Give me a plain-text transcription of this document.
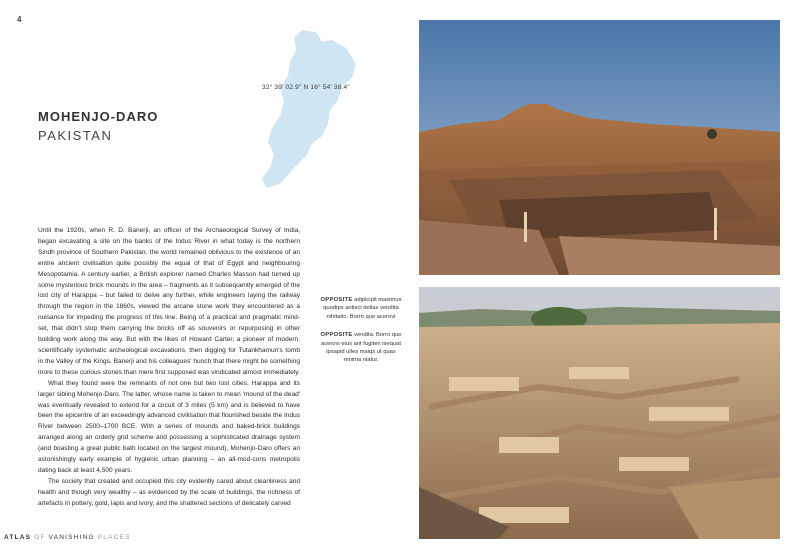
4
32° 39' 02.9" N 16° 54' 38.4"
MOHENJO-DARO
PAKISTAN

Until the 1920s, when R. D. Banerji, an officer of the Archaeological Survey of India, began excavating a site on the banks of the Indus River in what today is the northern Sindh province of Southern Pakistan, the world remained oblivious to the existence of an entire ancient civilisation quite possibly the equal of that of Egypt and neighbouring Mesopotamia. A century earlier, a British explorer named Charles Masson had turned up some mysterious brick mounds in the area – fragments as it subsequently emerged of the lost city of Harappa – but failed to delve any further, while engineers laying the railway through the region in the 1860s, viewed the arcane stone work they encountered as a nuisance for impeding the progress of this line. Being of a practical and pragmatic mind-set, that didn't stop them carrying the bricks off as souvenirs or repurposing in other building work along the way. But with the likes of Howard Carter, a pioneer of modern, scientifically systematic archeological excavations, then digging for Tutankhamun's tomb in the Valley of the Kings, Banerji and his colleagues' hunch that there might be something more to these curious stones than mere first supposed was vindicated almost immediately.

What they found were the remnants of not one but two lost cities, Harappa and its larger sibling Mohenjo-Daro. The latter, whose name is taken to mean 'mound of the dead' was eventually revealed to extend for a circuit of 3 miles (5 km) and is believed to have been the epicentre of an exceedingly advanced civilisation that flourished beside the Indus River between 2500–1700 BCE. With a series of mounds and baked-brick buildings arranged along an orderly grid scheme and possessing a sophisticated drainage system (and boasting a great public bath located on the largest mound), Mohenjo-Daro offers an astonishingly early example of hygienic urban planning – an all-mod-cons metropolis dating back at least 4,500 years.

The society that created and occupied this city evidently cared about cleanliness and health and though very wealthy – as evidenced by the scale of buildings, the richness of artefacts in pottery, gold, lapis and ivory, and the shattered sections of delicately carved

OPPOSITE adipicipit maximus quodips antisci delias vendita nihitatio. Borro que acerovi

OPPOSITE vendita. Borro que acerovi eius ant fugiten isequat ipsapid ulles maiqs ut quas renima niatur.

ATLAS OF VANISHING PLACES
